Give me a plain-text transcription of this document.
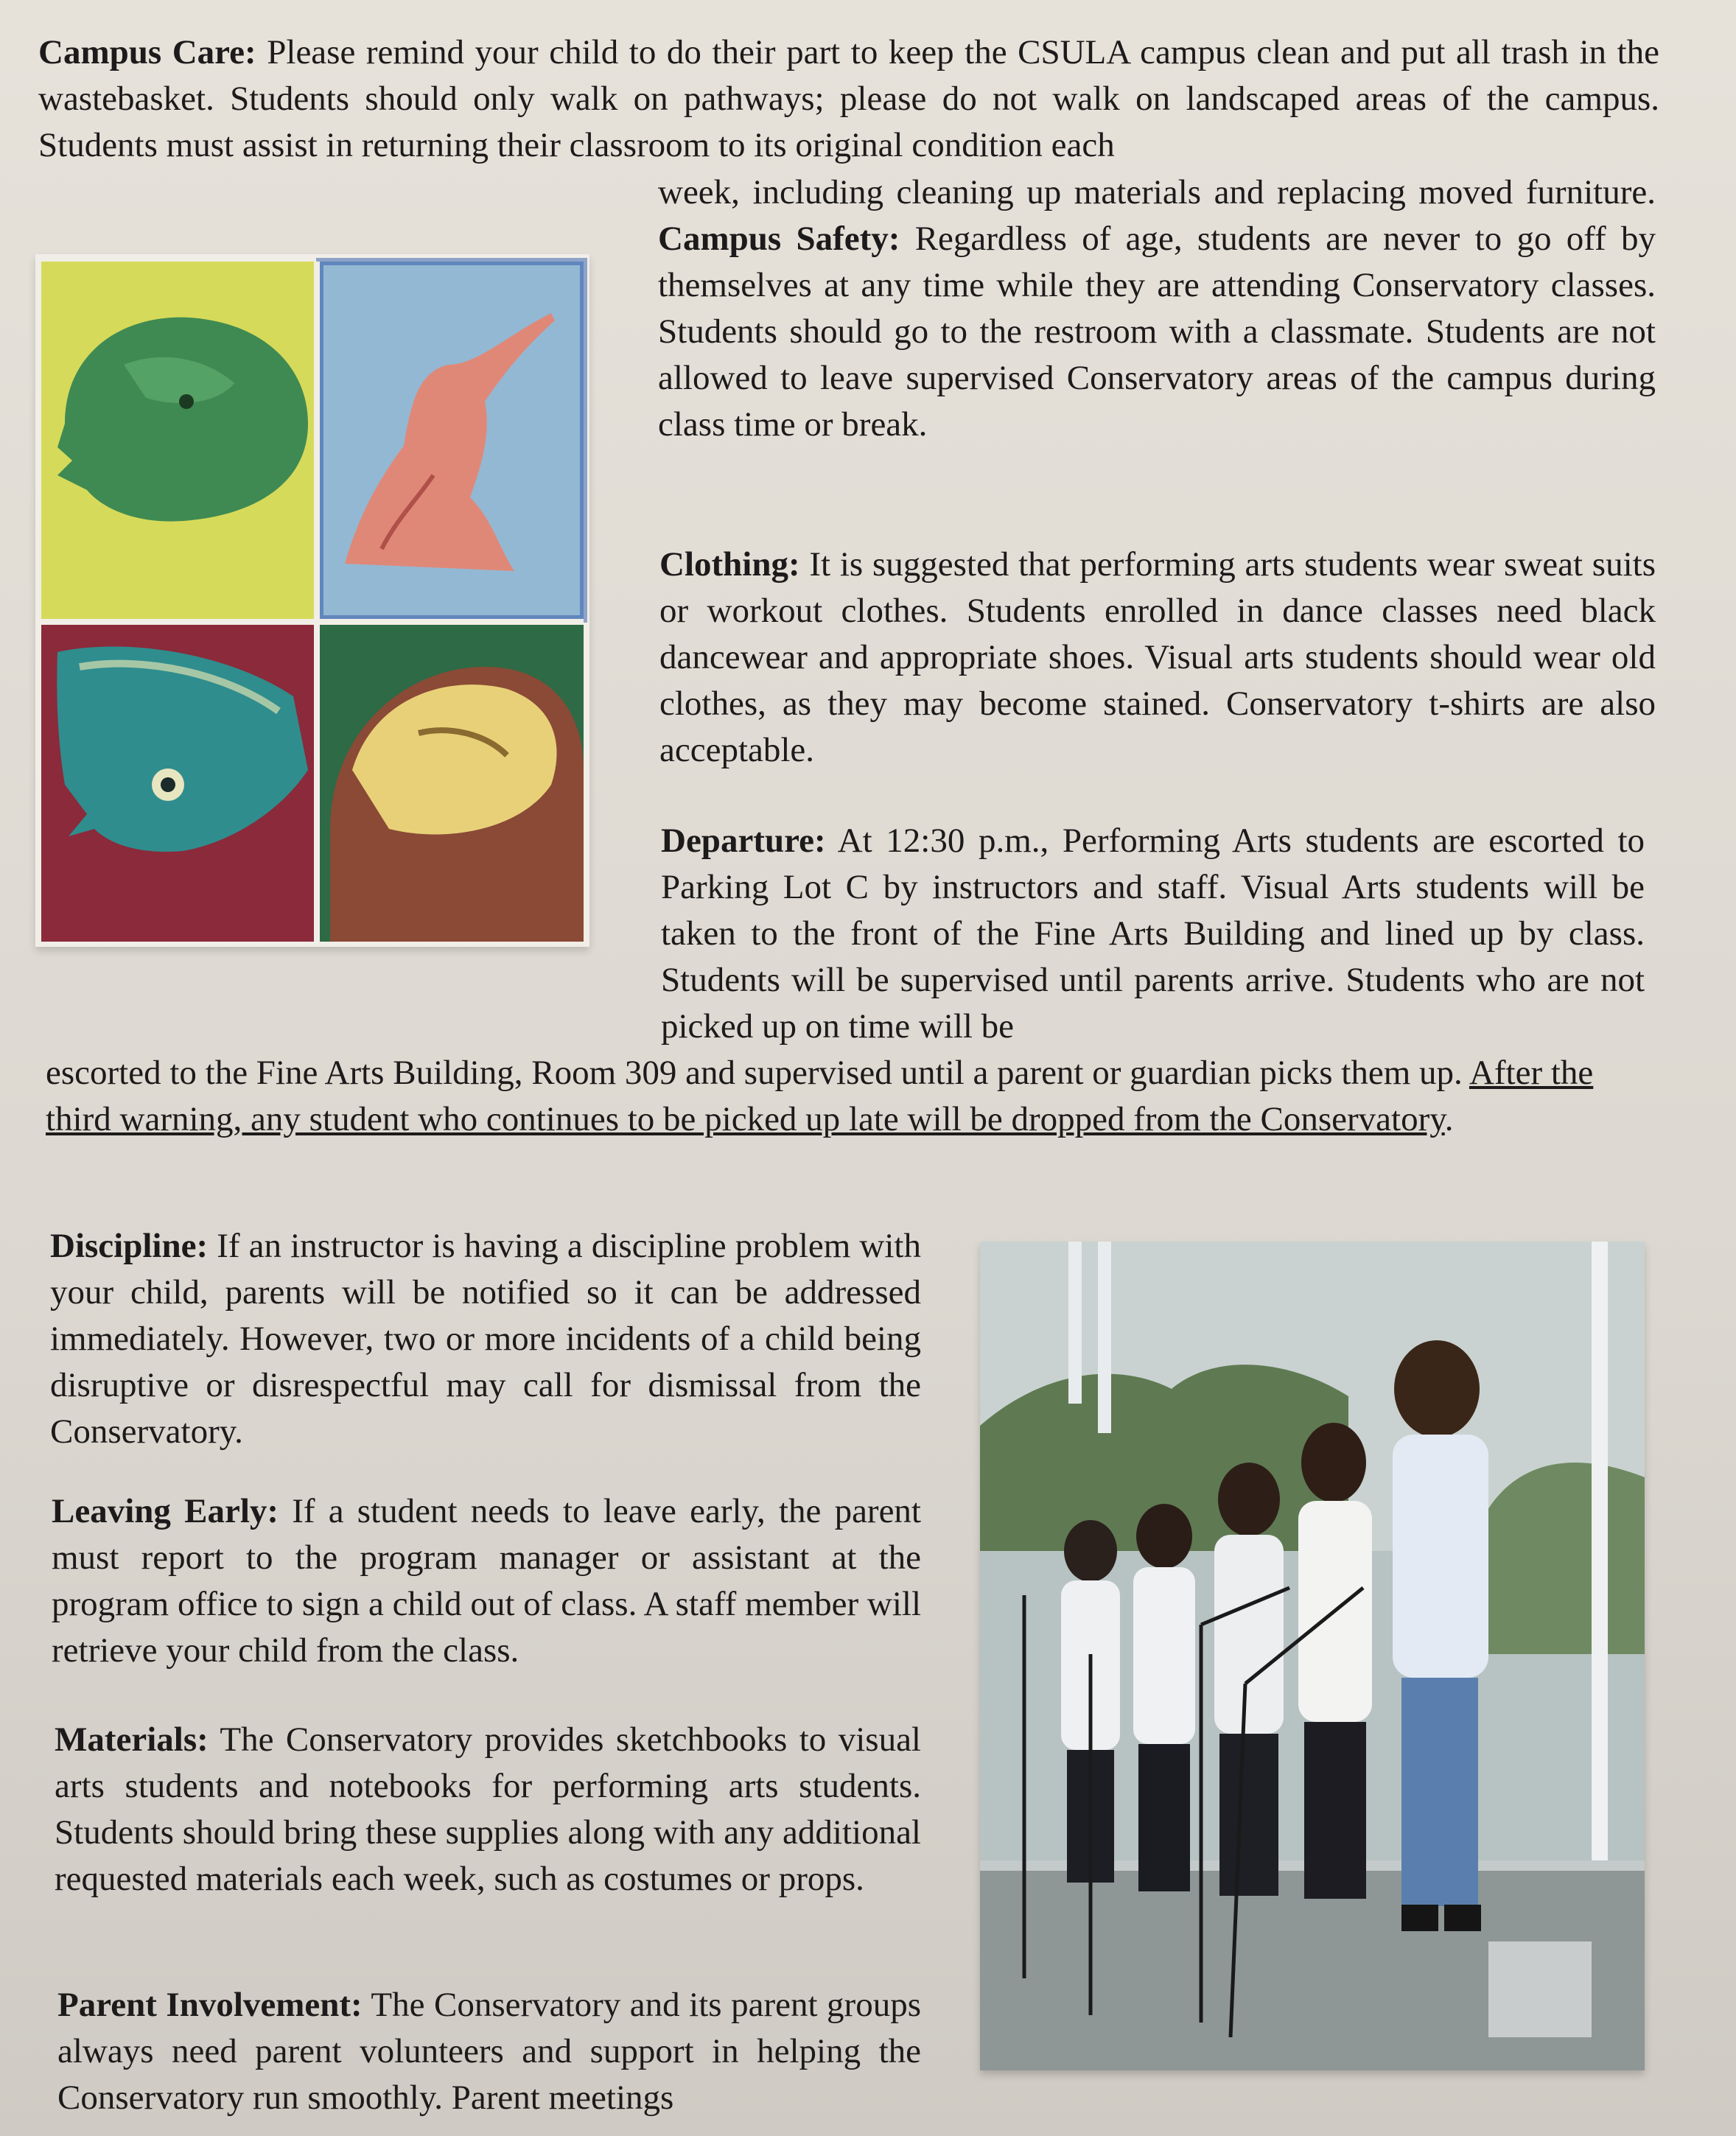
Campus Care: Please remind your child to do their part to keep the CSULA campus clean and put all trash in the wastebasket. Students should only walk on pathways; please do not walk on landscaped areas of the campus. Students must assist in returning their classroom to its original condition each

week, including cleaning up materials and replacing moved furniture. Campus Safety: Regardless of age, students are never to go off by themselves at any time while they are attending Conservatory classes. Students should go to the restroom with a classmate. Students are not allowed to leave supervised Conservatory areas of the campus during class time or break.

Clothing: It is suggested that performing arts students wear sweat suits or workout clothes. Students enrolled in dance classes need black dancewear and appropriate shoes. Visual arts students should wear old clothes, as they may become stained. Conservatory t-shirts are also acceptable.

Departure: At 12:30 p.m., Performing Arts students are escorted to Parking Lot C by instructors and staff. Visual Arts students will be taken to the front of the Fine Arts Building and lined up by class. Students will be supervised until parents arrive. Students who are not picked up on time will be

escorted to the Fine Arts Building, Room 309 and supervised until a parent or guardian picks them up. After the third warning, any student who continues to be picked up late will be dropped from the Conservatory.

Discipline: If an instructor is having a discipline problem with your child, parents will be notified so it can be addressed immediately. However, two or more incidents of a child being disruptive or disrespectful may call for dismissal from the Conservatory.

Leaving Early: If a student needs to leave early, the parent must report to the program manager or assistant at the program office to sign a child out of class. A staff member will retrieve your child from the class.

Materials: The Conservatory provides sketchbooks to visual arts students and notebooks for performing arts students. Students should bring these supplies along with any additional requested materials each week, such as costumes or props.

Parent Involvement: The Conservatory and its parent groups always need parent volunteers and support in helping the Conservatory run smoothly. Parent meetings
